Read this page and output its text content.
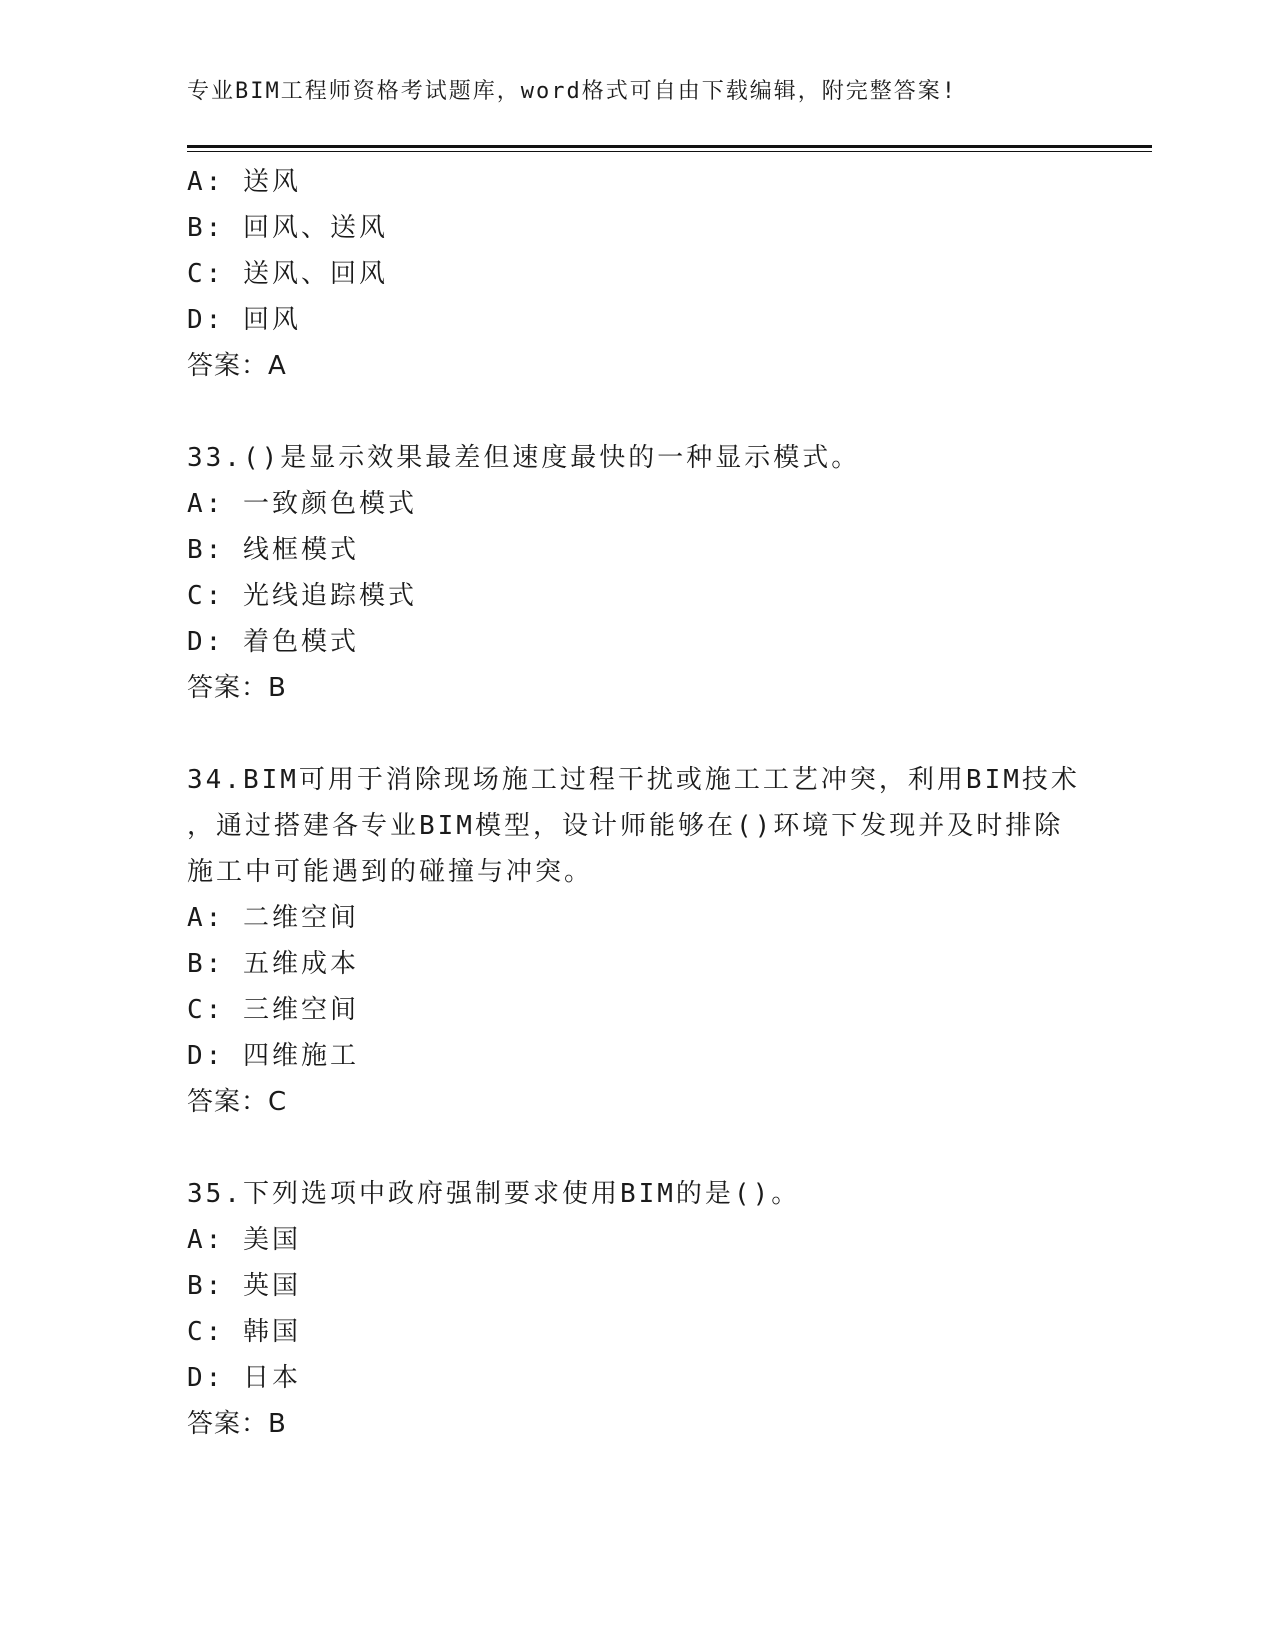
专业BIM工程师资格考试题库，word格式可自由下载编辑，附完整答案!
A: 送风
B: 回风、送风
C: 送风、回风
D: 回风
答案：A
33.()是显示效果最差但速度最快的一种显示模式。
A: 一致颜色模式
B: 线框模式
C: 光线追踪模式
D: 着色模式
答案：B
34.BIM可用于消除现场施工过程干扰或施工工艺冲突，利用BIM技术
，通过搭建各专业BIM模型，设计师能够在()环境下发现并及时排除
施工中可能遇到的碰撞与冲突。
A: 二维空间
B: 五维成本
C: 三维空间
D: 四维施工
答案：C
35.下列选项中政府强制要求使用BIM的是()。
A: 美国
B: 英国
C: 韩国
D: 日本
答案：B
